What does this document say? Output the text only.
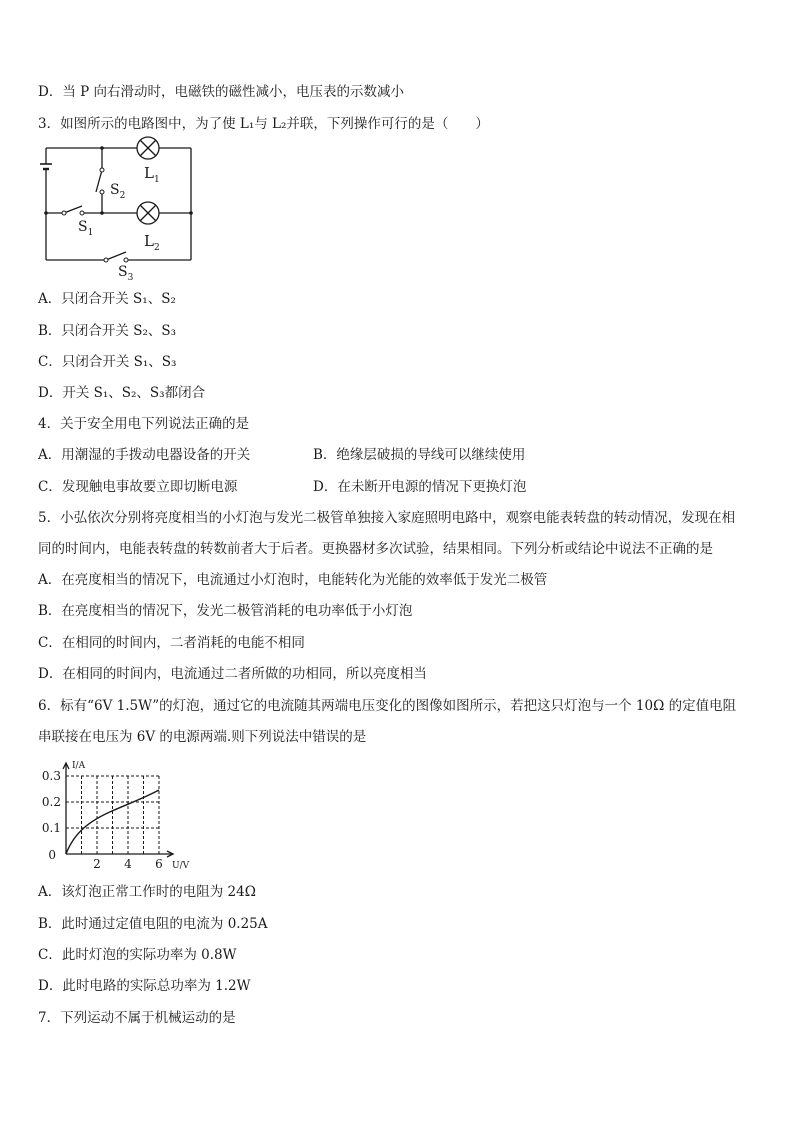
D．当 P 向右滑动时，电磁铁的磁性减小，电压表的示数减小
3．如图所示的电路图中，为了使 L₁与 L₂并联，下列操作可行的是（　　）
$L_1$
$S_2$
$S_1$	$L_2$
$S_3$
A．只闭合开关 S₁、S₂
B．只闭合开关 S₂、S₃
C．只闭合开关 S₁、S₃
D．开关 S₁、S₂、S₃都闭合
4．关于安全用电下列说法正确的是
A．用潮湿的手拨动电器设备的开关	B．绝缘层破损的导线可以继续使用
C．发现触电事故要立即切断电源	D．在未断开电源的情况下更换灯泡
5．小弘依次分别将亮度相当的小灯泡与发光二极管单独接入家庭照明电路中，观察电能表转盘的转动情况，发现在相
同的时间内，电能表转盘的转数前者大于后者。更换器材多次试验，结果相同。下列分析或结论中说法不正确的是
A．在亮度相当的情况下，电流通过小灯泡时，电能转化为光能的效率低于发光二极管
B．在亮度相当的情况下，发光二极管消耗的电功率低于小灯泡
C．在相同的时间内，二者消耗的电能不相同
D．在相同的时间内，电流通过二者所做的功相同，所以亮度相当
6．标有“6V 1.5W”的灯泡，通过它的电流随其两端电压变化的图像如图所示，若把这只灯泡与一个 10Ω 的定值电阻
串联接在电压为 6V 的电源两端.则下列说法中错误的是
I/A
U/V
0.3
0.2
0.1
0
2 4 6
A．该灯泡正常工作时的电阻为 24Ω
B．此时通过定值电阻的电流为 0.25A
C．此时灯泡的实际功率为 0.8W
D．此时电路的实际总功率为 1.2W
7．下列运动不属于机械运动的是
